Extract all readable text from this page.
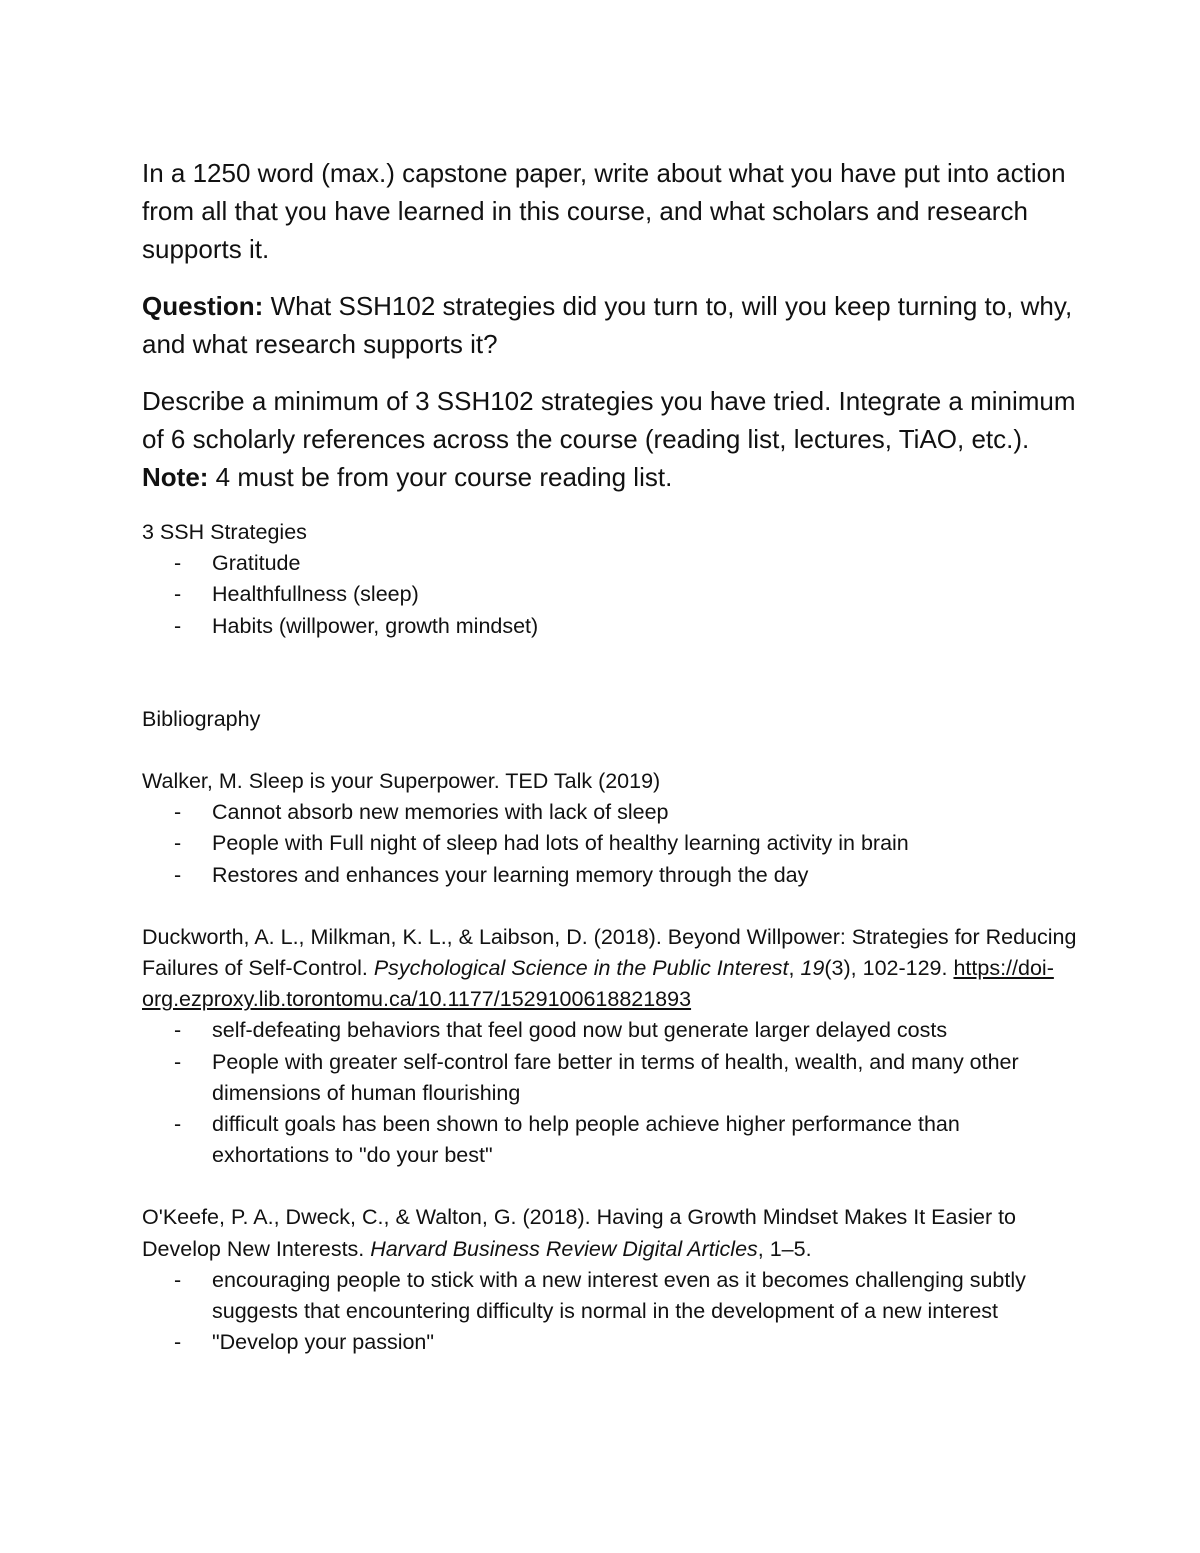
In a 1250 word (max.) capstone paper, write about what you have put into action from all that you have learned in this course, and what scholars and research supports it.

Question: What SSH102 strategies did you turn to, will you keep turning to, why, and what research supports it?

Describe a minimum of 3 SSH102 strategies you have tried. Integrate a minimum of 6 scholarly references across the course (reading list, lectures, TiAO, etc.). Note: 4 must be from your course reading list.

3 SSH Strategies

- Gratitude
- Healthfullness (sleep)
- Habits (willpower, growth mindset)

Bibliography

Walker, M. Sleep is your Superpower. TED Talk (2019)

- Cannot absorb new memories with lack of sleep
- People with Full night of sleep had lots of healthy learning activity in brain
- Restores and enhances your learning memory through the day

Duckworth, A. L., Milkman, K. L., & Laibson, D. (2018). Beyond Willpower: Strategies for Reducing Failures of Self-Control. Psychological Science in the Public Interest, 19(3), 102-129. https://doi-org.ezproxy.lib.torontomu.ca/10.1177/1529100618821893

- self-defeating behaviors that feel good now but generate larger delayed costs
- People with greater self-control fare better in terms of health, wealth, and many other dimensions of human flourishing
- difficult goals has been shown to help people achieve higher performance than exhortations to "do your best"

O'Keefe, P. A., Dweck, C., & Walton, G. (2018). Having a Growth Mindset Makes It Easier to Develop New Interests. Harvard Business Review Digital Articles, 1–5.

- encouraging people to stick with a new interest even as it becomes challenging subtly suggests that encountering difficulty is normal in the development of a new interest
- "Develop your passion"
